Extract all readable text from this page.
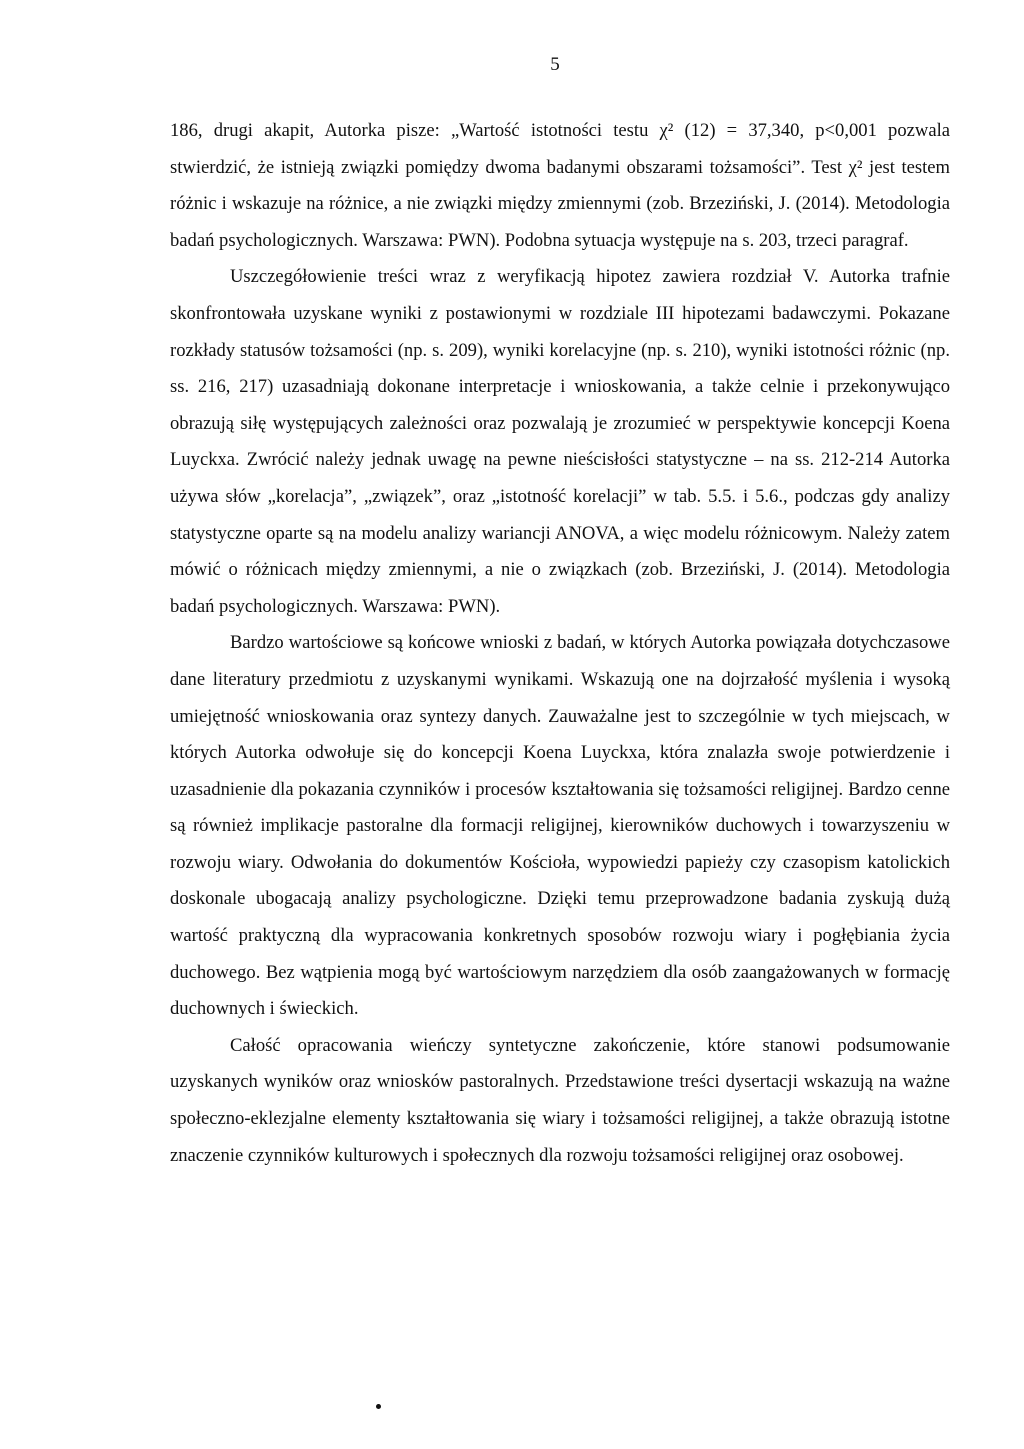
5

186, drugi akapit, Autorka pisze: „Wartość istotności testu χ² (12) = 37,340, p<0,001 pozwala stwierdzić, że istnieją związki pomiędzy dwoma badanymi obszarami tożsamości”. Test χ² jest testem różnic i wskazuje na różnice, a nie związki między zmiennymi (zob. Brzeziński, J. (2014). Metodologia badań psychologicznych. Warszawa: PWN). Podobna sytuacja występuje na s. 203, trzeci paragraf.

Uszczegółowienie treści wraz z weryfikacją hipotez zawiera rozdział V. Autorka trafnie skonfrontowała uzyskane wyniki z postawionymi w rozdziale III hipotezami badawczymi. Pokazane rozkłady statusów tożsamości (np. s. 209), wyniki korelacyjne (np. s. 210), wyniki istotności różnic (np. ss. 216, 217) uzasadniają dokonane interpretacje i wnioskowania, a także celnie i przekonywująco obrazują siłę występujących zależności oraz pozwalają je zrozumieć w perspektywie koncepcji Koena Luyckxa. Zwrócić należy jednak uwagę na pewne nieścisłości statystyczne – na ss. 212-214 Autorka używa słów „korelacja”, „związek”, oraz „istotność korelacji” w tab. 5.5. i 5.6., podczas gdy analizy statystyczne oparte są na modelu analizy wariancji ANOVA, a więc modelu różnicowym. Należy zatem mówić o różnicach między zmiennymi, a nie o związkach (zob. Brzeziński, J. (2014). Metodologia badań psychologicznych. Warszawa: PWN).

Bardzo wartościowe są końcowe wnioski z badań, w których Autorka powiązała dotychczasowe dane literatury przedmiotu z uzyskanymi wynikami. Wskazują one na dojrzałość myślenia i wysoką umiejętność wnioskowania oraz syntezy danych. Zauważalne jest to szczególnie w tych miejscach, w których Autorka odwołuje się do koncepcji Koena Luyckxa, która znalazła swoje potwierdzenie i uzasadnienie dla pokazania czynników i procesów kształtowania się tożsamości religijnej. Bardzo cenne są również implikacje pastoralne dla formacji religijnej, kierowników duchowych i towarzyszeniu w rozwoju wiary. Odwołania do dokumentów Kościoła, wypowiedzi papieży czy czasopism katolickich doskonale ubogacają analizy psychologiczne. Dzięki temu przeprowadzone badania zyskują dużą wartość praktyczną dla wypracowania konkretnych sposobów rozwoju wiary i pogłębiania życia duchowego. Bez wątpienia mogą być wartościowym narzędziem dla osób zaangażowanych w formację duchownych i świeckich.

Całość opracowania wieńczy syntetyczne zakończenie, które stanowi podsumowanie uzyskanych wyników oraz wniosków pastoralnych. Przedstawione treści dysertacji wskazują na ważne społeczno-eklezjalne elementy kształtowania się wiary i tożsamości religijnej, a także obrazują istotne znaczenie czynników kulturowych i społecznych dla rozwoju tożsamości religijnej oraz osobowej.
